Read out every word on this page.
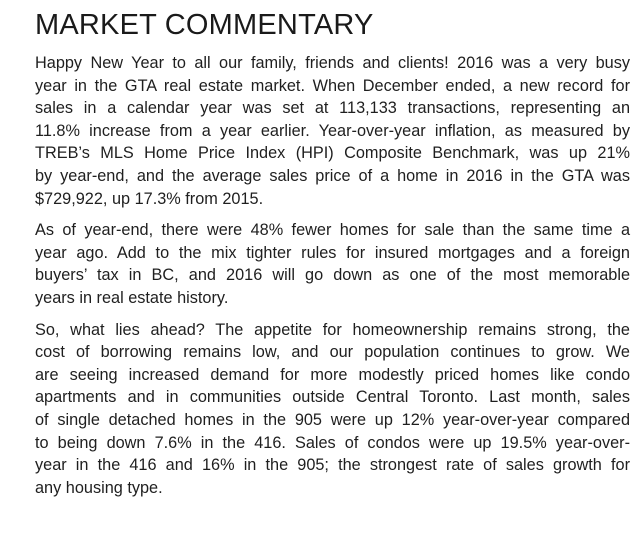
MARKET COMMENTARY

Happy New Year to all our family, friends and clients! 2016 was a very busy
year in the GTA real estate market. When December ended, a new record for
sales in a calendar year was set at 113,133 transactions, representing an
11.8% increase from a year earlier. Year-over-year inflation, as measured by
TREB’s MLS Home Price Index (HPI) Composite Benchmark, was up 21%
by year-end, and the average sales price of a home in 2016 in the GTA was
$729,922, up 17.3% from 2015.

As of year-end, there were 48% fewer homes for sale than the same time a
year ago. Add to the mix tighter rules for insured mortgages and a foreign
buyers’ tax in BC, and 2016 will go down as one of the most memorable
years in real estate history.

So, what lies ahead? The appetite for homeownership remains strong, the
cost of borrowing remains low, and our population continues to grow. We
are seeing increased demand for more modestly priced homes like condo
apartments and in communities outside Central Toronto. Last month, sales
of single detached homes in the 905 were up 12% year-over-year compared
to being down 7.6% in the 416. Sales of condos were up 19.5% year-over-
year in the 416 and 16% in the 905; the strongest rate of sales growth for
any housing type.
